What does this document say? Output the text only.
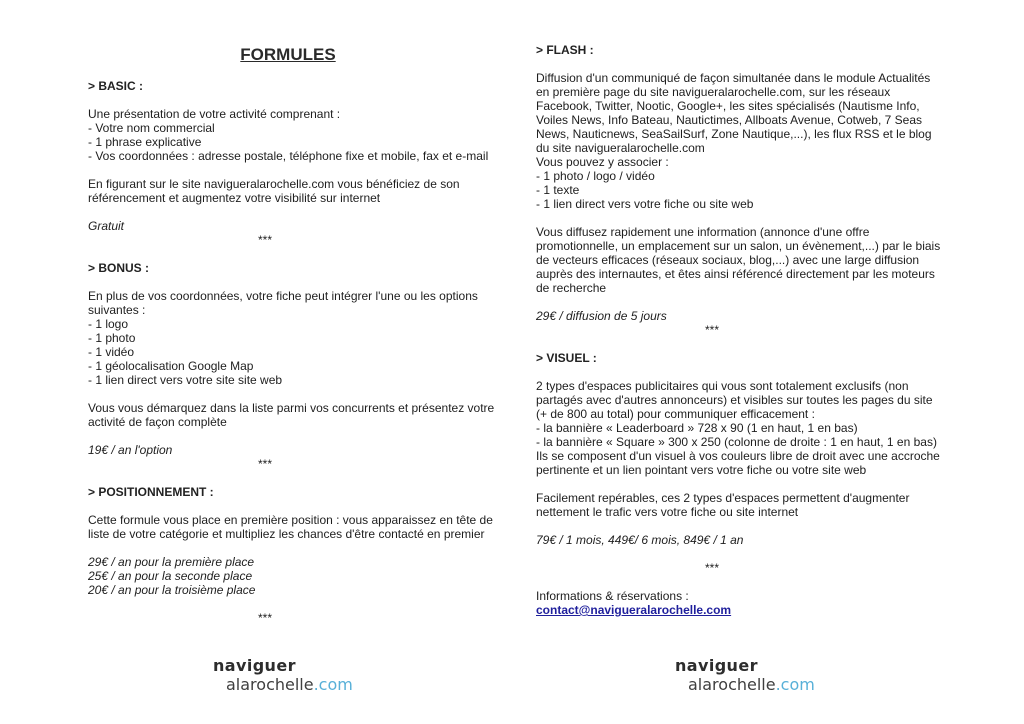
FORMULES
> BASIC :
Une présentation de votre activité comprenant :
- Votre nom commercial
- 1 phrase explicative
- Vos coordonnées : adresse postale, téléphone fixe et mobile, fax et e-mail
En figurant sur le site navigueralarochelle.com vous bénéficiez de son référencement et augmentez votre visibilité sur internet
Gratuit
***
> BONUS :
En plus de vos coordonnées, votre fiche peut intégrer l'une ou les options suivantes :
- 1 logo
- 1 photo
- 1 vidéo
- 1 géolocalisation Google Map
- 1 lien direct vers votre site site web
Vous vous démarquez dans la liste parmi vos concurrents et présentez votre activité de façon complète
19€ / an l'option
***
> POSITIONNEMENT :
Cette formule vous place en première position : vous apparaissez en tête de liste de votre catégorie et multipliez les chances d'être contacté en premier
29€ / an pour la première place
25€ / an pour la seconde place
20€ / an pour la troisième place
***
> FLASH :
Diffusion d'un communiqué de façon simultanée dans le module Actualités en première page du site navigueralarochelle.com, sur les réseaux Facebook, Twitter, Nootic, Google+, les sites spécialisés (Nautisme Info, Voiles News, Info Bateau, Nautictimes, Allboats Avenue, Cotweb, 7 Seas News, Nauticnews, SeaSailSurf, Zone Nautique,...), les flux RSS et le blog du site navigueralarochelle.com
Vous pouvez y associer :
- 1 photo / logo / vidéo
- 1 texte
- 1 lien direct vers votre fiche ou site web
Vous diffusez rapidement une information (annonce d'une offre promotionnelle, un emplacement sur un salon, un évènement,...) par le biais de vecteurs efficaces (réseaux sociaux, blog,...) avec une large diffusion auprès des internautes, et êtes ainsi référencé directement par les moteurs de recherche
29€ / diffusion de 5 jours
***
> VISUEL :
2 types d'espaces publicitaires qui vous sont totalement exclusifs (non partagés avec d'autres annonceurs) et visibles sur toutes les pages du site (+ de 800 au total) pour communiquer efficacement :
- la bannière « Leaderboard » 728 x 90 (1 en haut, 1 en bas)
- la bannière « Square » 300 x 250 (colonne de droite : 1 en haut, 1 en bas)
Ils se composent d'un visuel à vos couleurs libre de droit avec une accroche pertinente et un lien pointant vers votre fiche ou votre site web
Facilement repérables, ces 2 types d'espaces permettent d'augmenter nettement le trafic vers votre fiche ou site internet
79€ / 1 mois, 449€/ 6 mois, 849€ / 1 an
***
Informations & réservations :
contact@navigueralarochelle.com
naviguer
alarochelle.com
naviguer
alarochelle.com
